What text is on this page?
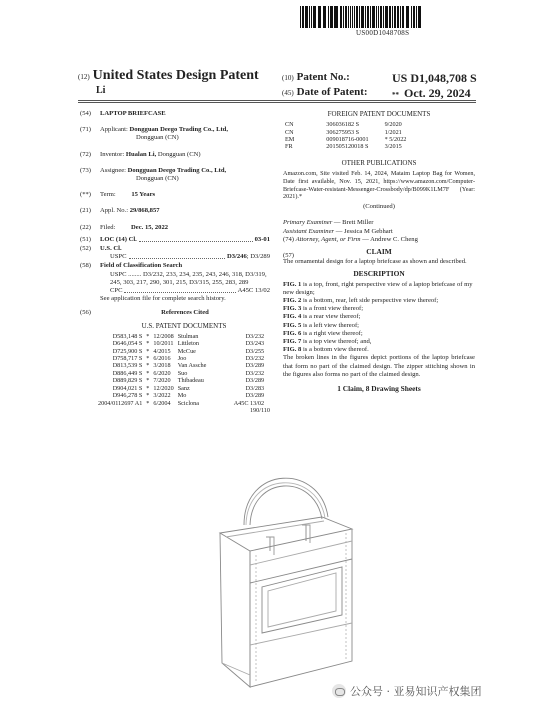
US00D1048708S
(12) United States Design Patent
Li
(10) Patent No.:	US D1,048,708 S
(45) Date of Patent:	** Oct. 29, 2024
(54) LAPTOP BRIEFCASE
(71) Applicant: Dongguan Deego Trading Co., Ltd,
Dongguan (CN)
(72) Inventor: Hualan Li, Dongguan (CN)
(73) Assignee: Dongguan Deego Trading Co., Ltd,
Dongguan (CN)
(**) Term: 15 Years
(21) Appl. No.: 29/868,857
(22) Filed: Dec. 15, 2022
(51) LOC (14) Cl.	03-01
(52) U.S. Cl.
USPC	D3/246 ; D3/289
(58) Field of Classification Search
USPC ........ D3/232, 233, 234, 235, 243, 246, 318, D3/319, 245, 303, 217, 290, 301, 215, D3/315, 255, 283, 289
CPC	A45C 13/02
See application file for complete search history.
(56)	References Cited
U.S. PATENT DOCUMENTS
D583,148 S	*	12/2008	Stulman	D3/232
D646,054 S	*	10/2011	Littleton	D3/243
D725,900 S	*	4/2015	McCue	D3/255
D758,717 S	*	6/2016	Joo	D3/232
D813,539 S	*	3/2018	Van Assche	D3/289
D886,449 S	*	6/2020	Suo	D3/232
D889,829 S	*	7/2020	Thibadeau	D3/289
D904,021 S	*	12/2020	Sanz	D3/283
D946,278 S	*	3/2022	Mo	D3/289
2004/0112697 A1	*	6/2004	Sciclona	A45C 13/02
190/110
FOREIGN PATENT DOCUMENTS
CN	306036182 S	9/2020
CN	306275953 S	1/2021
EM	009018716-0001	* 5/2022
FR	201505120018 S	3/2015
OTHER PUBLICATIONS
Amazon.com, Site visited Feb. 14, 2024, Mataim Laptop Bag for Women, Date first available, Nov. 15, 2021, https://www.amazon.com/Computer-Briefcase-Water-resistant-Messenger-Crossbody/dp/B099K1LM7F (Year: 2021).*
(Continued)
Primary Examiner — Brett Miller
Assistant Examiner — Jessica M Gebhart
(74) Attorney, Agent, or Firm — Andrew C. Cheng
(57)	CLAIM
The ornamental design for a laptop briefcase as shown and described.
DESCRIPTION
FIG. 1 is a top, front, right perspective view of a laptop briefcase of my new design;
FIG. 2 is a bottom, rear, left side perspective view thereof;
FIG. 3 is a front view thereof;
FIG. 4 is a rear view thereof;
FIG. 5 is a left view thereof;
FIG. 6 is a right view thereof;
FIG. 7 is a top view thereof; and,
FIG. 8 is a bottom view thereof.
The broken lines in the figures depict portions of the laptop briefcase that form no part of the claimed design. The zipper stitching shown in the figures also forms no part of the claimed design.
1 Claim, 8 Drawing Sheets
公众号 · 亚易知识产权集团
